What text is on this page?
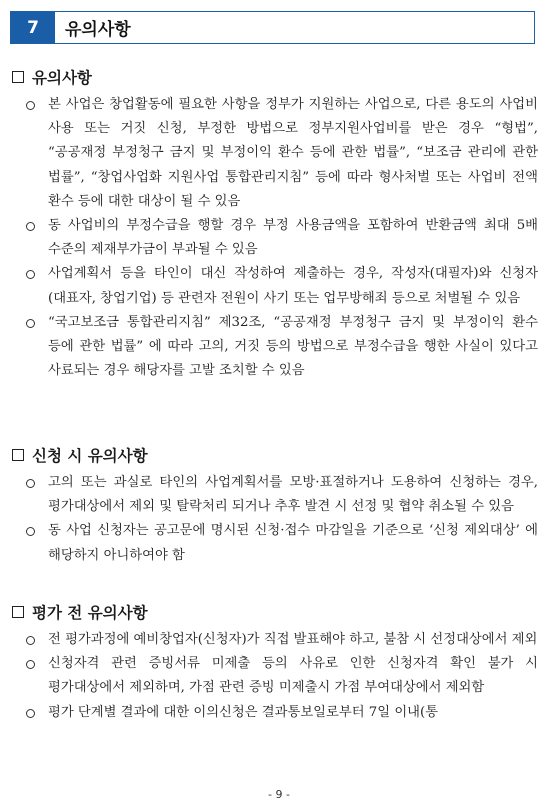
7	유의사항
유의사항
본 사업은 창업활동에 필요한 사항을 정부가 지원하는 사업으로, 다른 용도의 사업비 사용 또는 거짓 신청, 부정한 방법으로 정부지원사업비를 받은 경우 “형법”, “공공재정 부정청구 금지 및 부정이익 환수 등에 관한 법률”, “보조금 관리에 관한 법률”, “창업사업화 지원사업 통합관리지침” 등에 따라 형사처벌 또는 사업비 전액 환수 등에 대한 대상이 될 수 있음
동 사업비의 부정수급을 행할 경우 부정 사용금액을 포함하여 반환금액 최대 5배 수준의 제재부가금이 부과될 수 있음
사업계획서 등을 타인이 대신 작성하여 제출하는 경우, 작성자(대필자)와 신청자(대표자, 창업기업) 등 관련자 전원이 사기 또는 업무방해죄 등으로 처벌될 수 있음
“국고보조금 통합관리지침” 제32조, “공공재정 부정청구 금지 및 부정이익 환수 등에 관한 법률” 에 따라 고의, 거짓 등의 방법으로 부정수급을 행한 사실이 있다고 사료되는 경우 해당자를 고발 조치할 수 있음
신청 시 유의사항
고의 또는 과실로 타인의 사업계획서를 모방·표절하거나 도용하여 신청하는 경우, 평가대상에서 제외 및 탈락처리 되거나 추후 발견 시 선정 및 협약 취소될 수 있음
동 사업 신청자는 공고문에 명시된 신청·접수 마감일을 기준으로 ‘신청 제외대상’ 에 해당하지 아니하여야 함
평가 전 유의사항
전 평가과정에 예비창업자(신청자)가 직접 발표해야 하고, 불참 시 선정대상에서 제외
신청자격 관련 증빙서류 미제출 등의 사유로 인한 신청자격 확인 불가 시 평가대상에서 제외하며, 가점 관련 증빙 미제출시 가점 부여대상에서 제외함
평가 단계별 결과에 대한 이의신청은 결과통보일로부터 7일 이내(통
- 9 -
